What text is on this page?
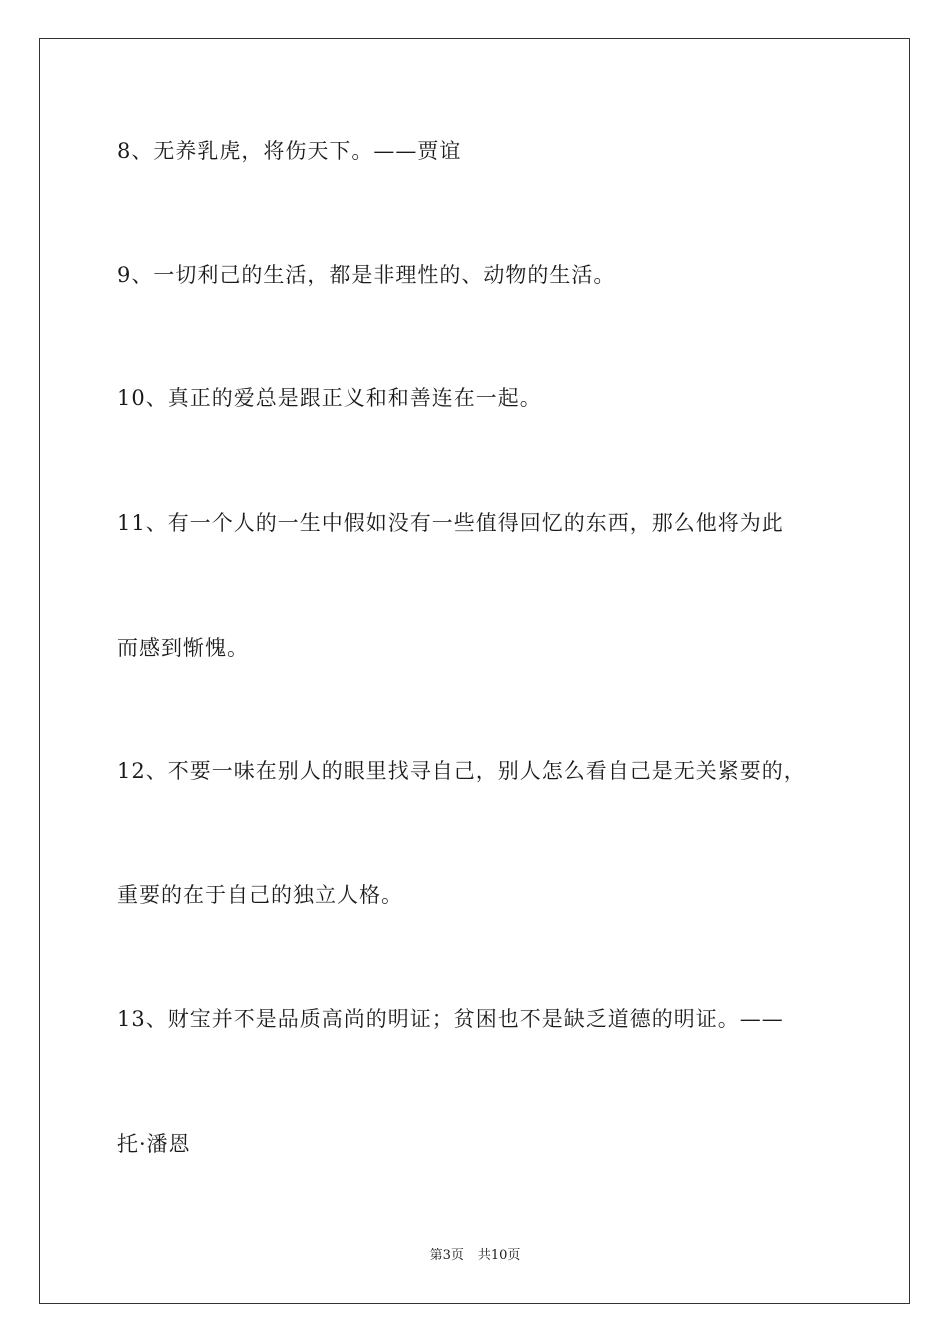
8、无养乳虎，将伤天下。——贾谊
9、一切利己的生活，都是非理性的、动物的生活。
10、真正的爱总是跟正义和和善连在一起。
11、有一个人的一生中假如没有一些值得回忆的东西，那么他将为此
而感到惭愧。
12、不要一味在别人的眼里找寻自己，别人怎么看自己是无关紧要的，
重要的在于自己的独立人格。
13、财宝并不是品质高尚的明证；贫困也不是缺乏道德的明证。——
托·潘恩
第3页 共10页
